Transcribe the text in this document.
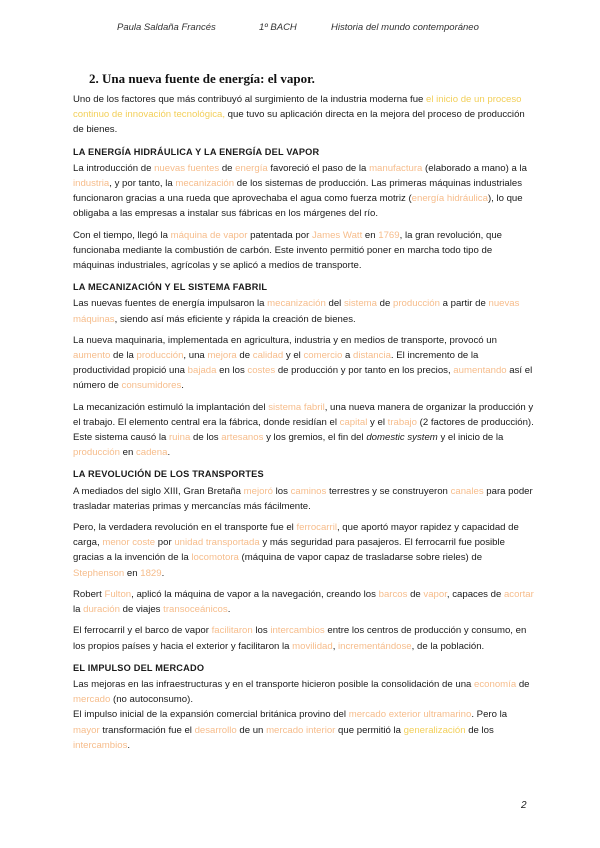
Paula Saldaña Francés	1º BACH	Historia del mundo contemporáneo
2. Una nueva fuente de energía: el vapor.

Uno de los factores que más contribuyó al surgimiento de la industria moderna fue el inicio de un proceso continuo de innovación tecnológica, que tuvo su aplicación directa en la mejora del proceso de producción de bienes.

LA ENERGÍA HIDRÁULICA Y LA ENERGÍA DEL VAPOR

La introducción de nuevas fuentes de energía favoreció el paso de la manufactura (elaborado a mano) a la industria, y por tanto, la mecanización de los sistemas de producción. Las primeras máquinas industriales funcionaron gracias a una rueda que aprovechaba el agua como fuerza motriz (energía hidráulica), lo que obligaba a las empresas a instalar sus fábricas en los márgenes del río.

Con el tiempo, llegó la máquina de vapor patentada por James Watt en 1769, la gran revolución, que funcionaba mediante la combustión de carbón. Este invento permitió poner en marcha todo tipo de máquinas industriales, agrícolas y se aplicó a medios de transporte.

LA MECANIZACIÓN Y EL SISTEMA FABRIL

Las nuevas fuentes de energía impulsaron la mecanización del sistema de producción a partir de nuevas máquinas, siendo así más eficiente y rápida la creación de bienes.

La nueva maquinaria, implementada en agricultura, industria y en medios de transporte, provocó un aumento de la producción, una mejora de calidad y el comercio a distancia. El incremento de la productividad propició una bajada en los costes de producción y por tanto en los precios, aumentando así el número de consumidores.

La mecanización estimuló la implantación del sistema fabril, una nueva manera de organizar la producción y el trabajo. El elemento central era la fábrica, donde residían el capital y el trabajo (2 factores de producción). Este sistema causó la ruina de los artesanos y los gremios, el fin del domestic system y el inicio de la producción en cadena.

LA REVOLUCIÓN DE LOS TRANSPORTES

A mediados del siglo XIII, Gran Bretaña mejoró los caminos terrestres y se construyeron canales para poder trasladar materias primas y mercancías más fácilmente.

Pero, la verdadera revolución en el transporte fue el ferrocarril, que aportó mayor rapidez y capacidad de carga, menor coste por unidad transportada y más seguridad para pasajeros. El ferrocarril fue posible gracias a la invención de la locomotora (máquina de vapor capaz de trasladarse sobre rieles) de Stephenson en 1829.

Robert Fulton, aplicó la máquina de vapor a la navegación, creando los barcos de vapor, capaces de acortar la duración de viajes transoceánicos.

El ferrocarril y el barco de vapor facilitaron los intercambios entre los centros de producción y consumo, en los propios países y hacia el exterior y facilitaron la movilidad, incrementándose, de la población.

EL IMPULSO DEL MERCADO

Las mejoras en las infraestructuras y en el transporte hicieron posible la consolidación de una economía de mercado (no autoconsumo).

El impulso inicial de la expansión comercial británica provino del mercado exterior ultramarino. Pero la mayor transformación fue el desarrollo de un mercado interior que permitió la generalización de los intercambios.

2
